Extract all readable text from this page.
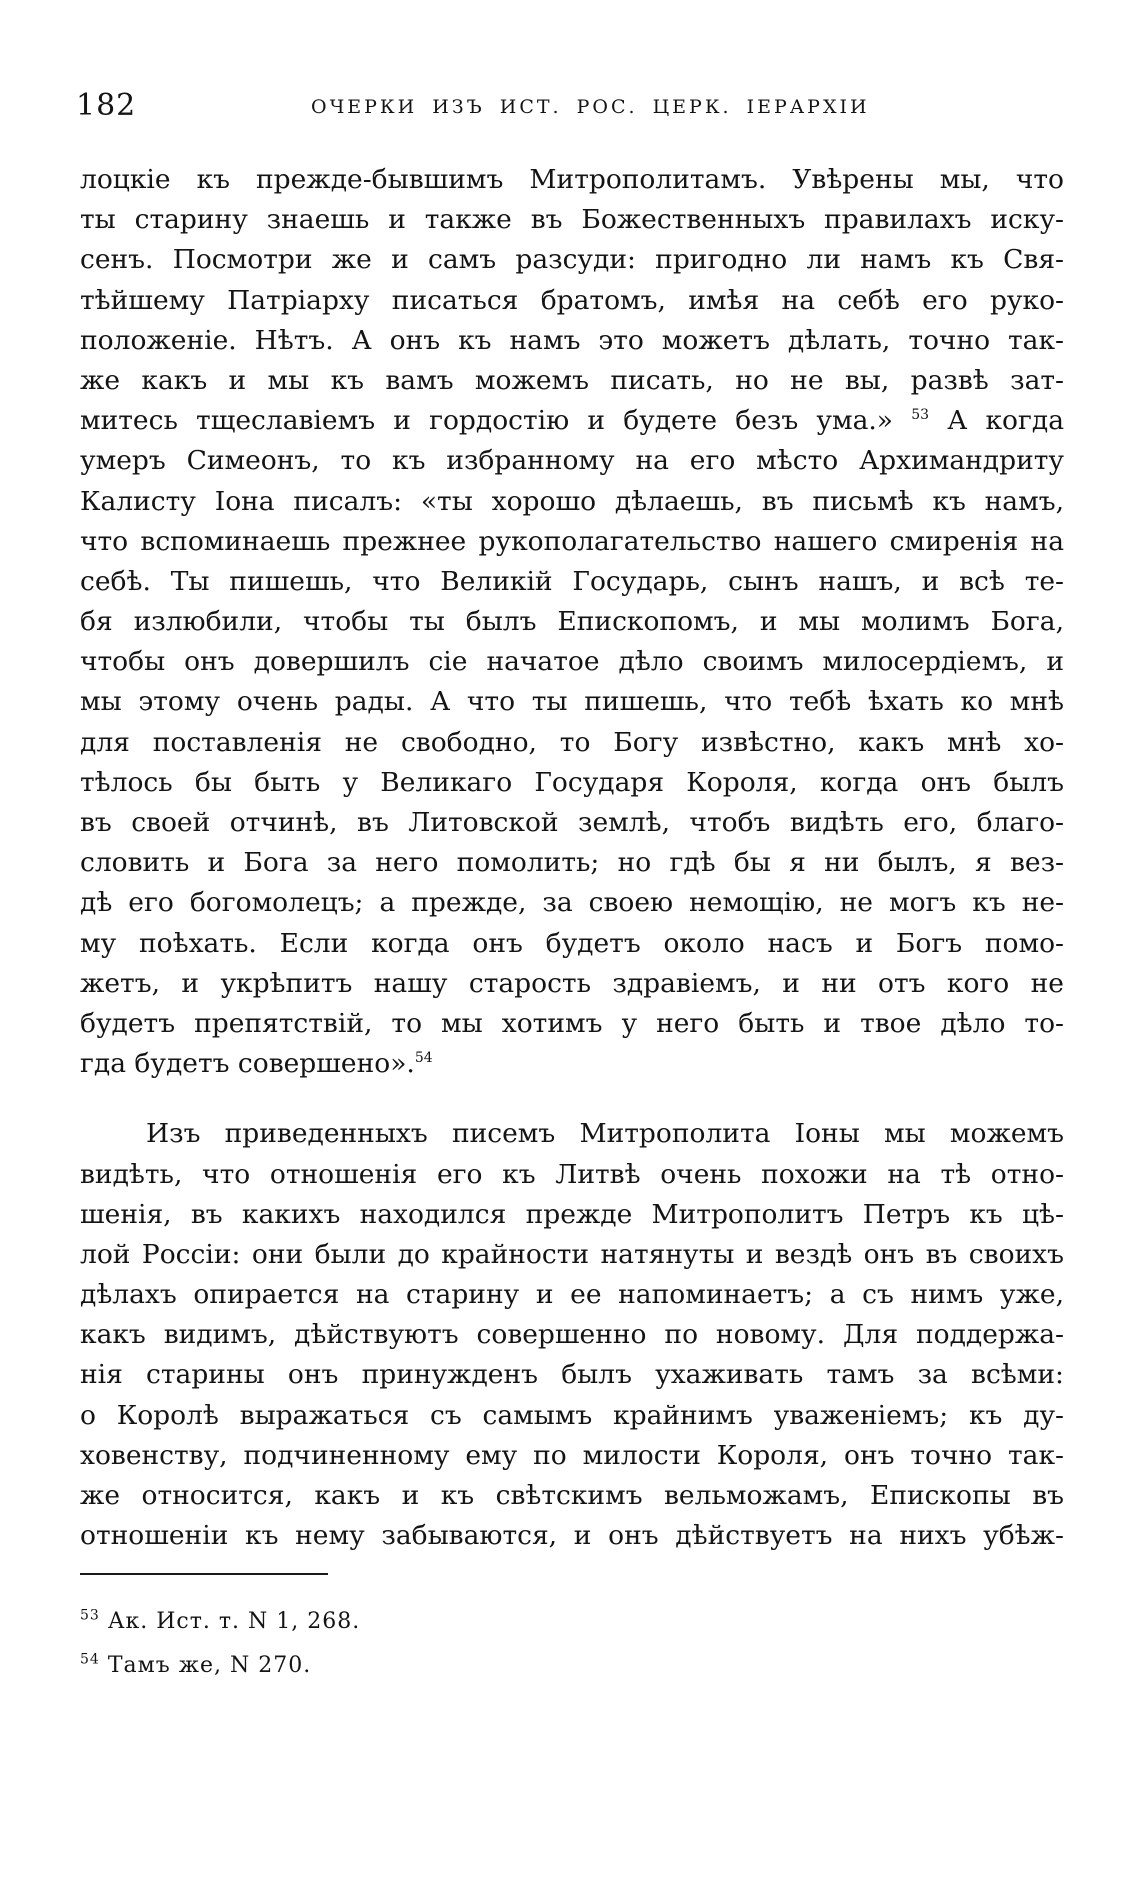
182	ОЧЕРКИ ИЗЪ ИСТ. РОС. ЦЕРК. IЕРАРХIИ
лоцкiе къ прежде-бывшимъ Митрополитамъ. Увѣрены мы, что
ты старину знаешь и также въ Божественныхъ правилахъ иску-
сенъ. Посмотри же и самъ разсуди: пригодно ли намъ къ Свя-
тѣйшему Патрiарху писаться братомъ, имѣя на себѣ его руко-
положенiе. Нѣтъ. А онъ къ намъ это можетъ дѣлать, точно так-
же какъ и мы къ вамъ можемъ писать, но не вы, развѣ зат-
митесь тщеславiемъ и гордостiю и будете безъ ума.» $^{53}$ А когда
умеръ Симеонъ, то къ избранному на его мѣсто Архимандриту
Калисту Iона писалъ: «ты хорошо дѣлаешь, въ письмѣ къ намъ,
что вспоминаешь прежнее рукополагательство нашего смиренiя на
себѣ. Ты пишешь, что Великiй Государь, сынъ нашъ, и всѣ те-
бя излюбили, чтобы ты былъ Епископомъ, и мы молимъ Бога,
чтобы онъ довершилъ сiе начатое дѣло своимъ милосердiемъ, и
мы этому очень рады. А что ты пишешь, что тебѣ ѣхать ко мнѣ
для поставленiя не свободно, то Богу извѣстно, какъ мнѣ хо-
тѣлось бы быть у Великаго Государя Короля, когда онъ былъ
въ своей отчинѣ, въ Литовской землѣ, чтобъ видѣть его, благо-
словить и Бога за него помолить; но гдѣ бы я ни былъ, я вез-
дѣ его богомолецъ; а прежде, за своею немощiю, не могъ къ не-
му поѣхать. Если когда онъ будетъ около насъ и Богъ помо-
жетъ, и укрѣпитъ нашу старость здравiемъ, и ни отъ кого не
будетъ препятствiй, то мы хотимъ у него быть и твое дѣло то-
гда будетъ совершено».$^{54}$
Изъ приведенныхъ писемъ Митрополита Iоны мы можемъ
видѣть, что отношенiя его къ Литвѣ очень похожи на тѣ отно-
шенiя, въ какихъ находился прежде Митрополитъ Петръ къ цѣ-
лой Россiи: они были до крайности натянуты и вездѣ онъ въ своихъ
дѣлахъ опирается на старину и ее напоминаетъ; а съ нимъ уже,
какъ видимъ, дѣйствуютъ совершенно по новому. Для поддержа-
нiя старины онъ принужденъ былъ ухаживать тамъ за всѣми:
о Королѣ выражаться съ самымъ крайнимъ уваженiемъ; къ ду-
ховенству, подчиненному ему по милости Короля, онъ точно так-
же относится, какъ и къ свѣтскимъ вельможамъ, Епископы въ
отношенiи къ нему забываются, и онъ дѣйствуетъ на нихъ убѣж-
$^{53}$ Ак. Ист. т. N 1, 268.
$^{54}$ Тамъ же, N 270.
